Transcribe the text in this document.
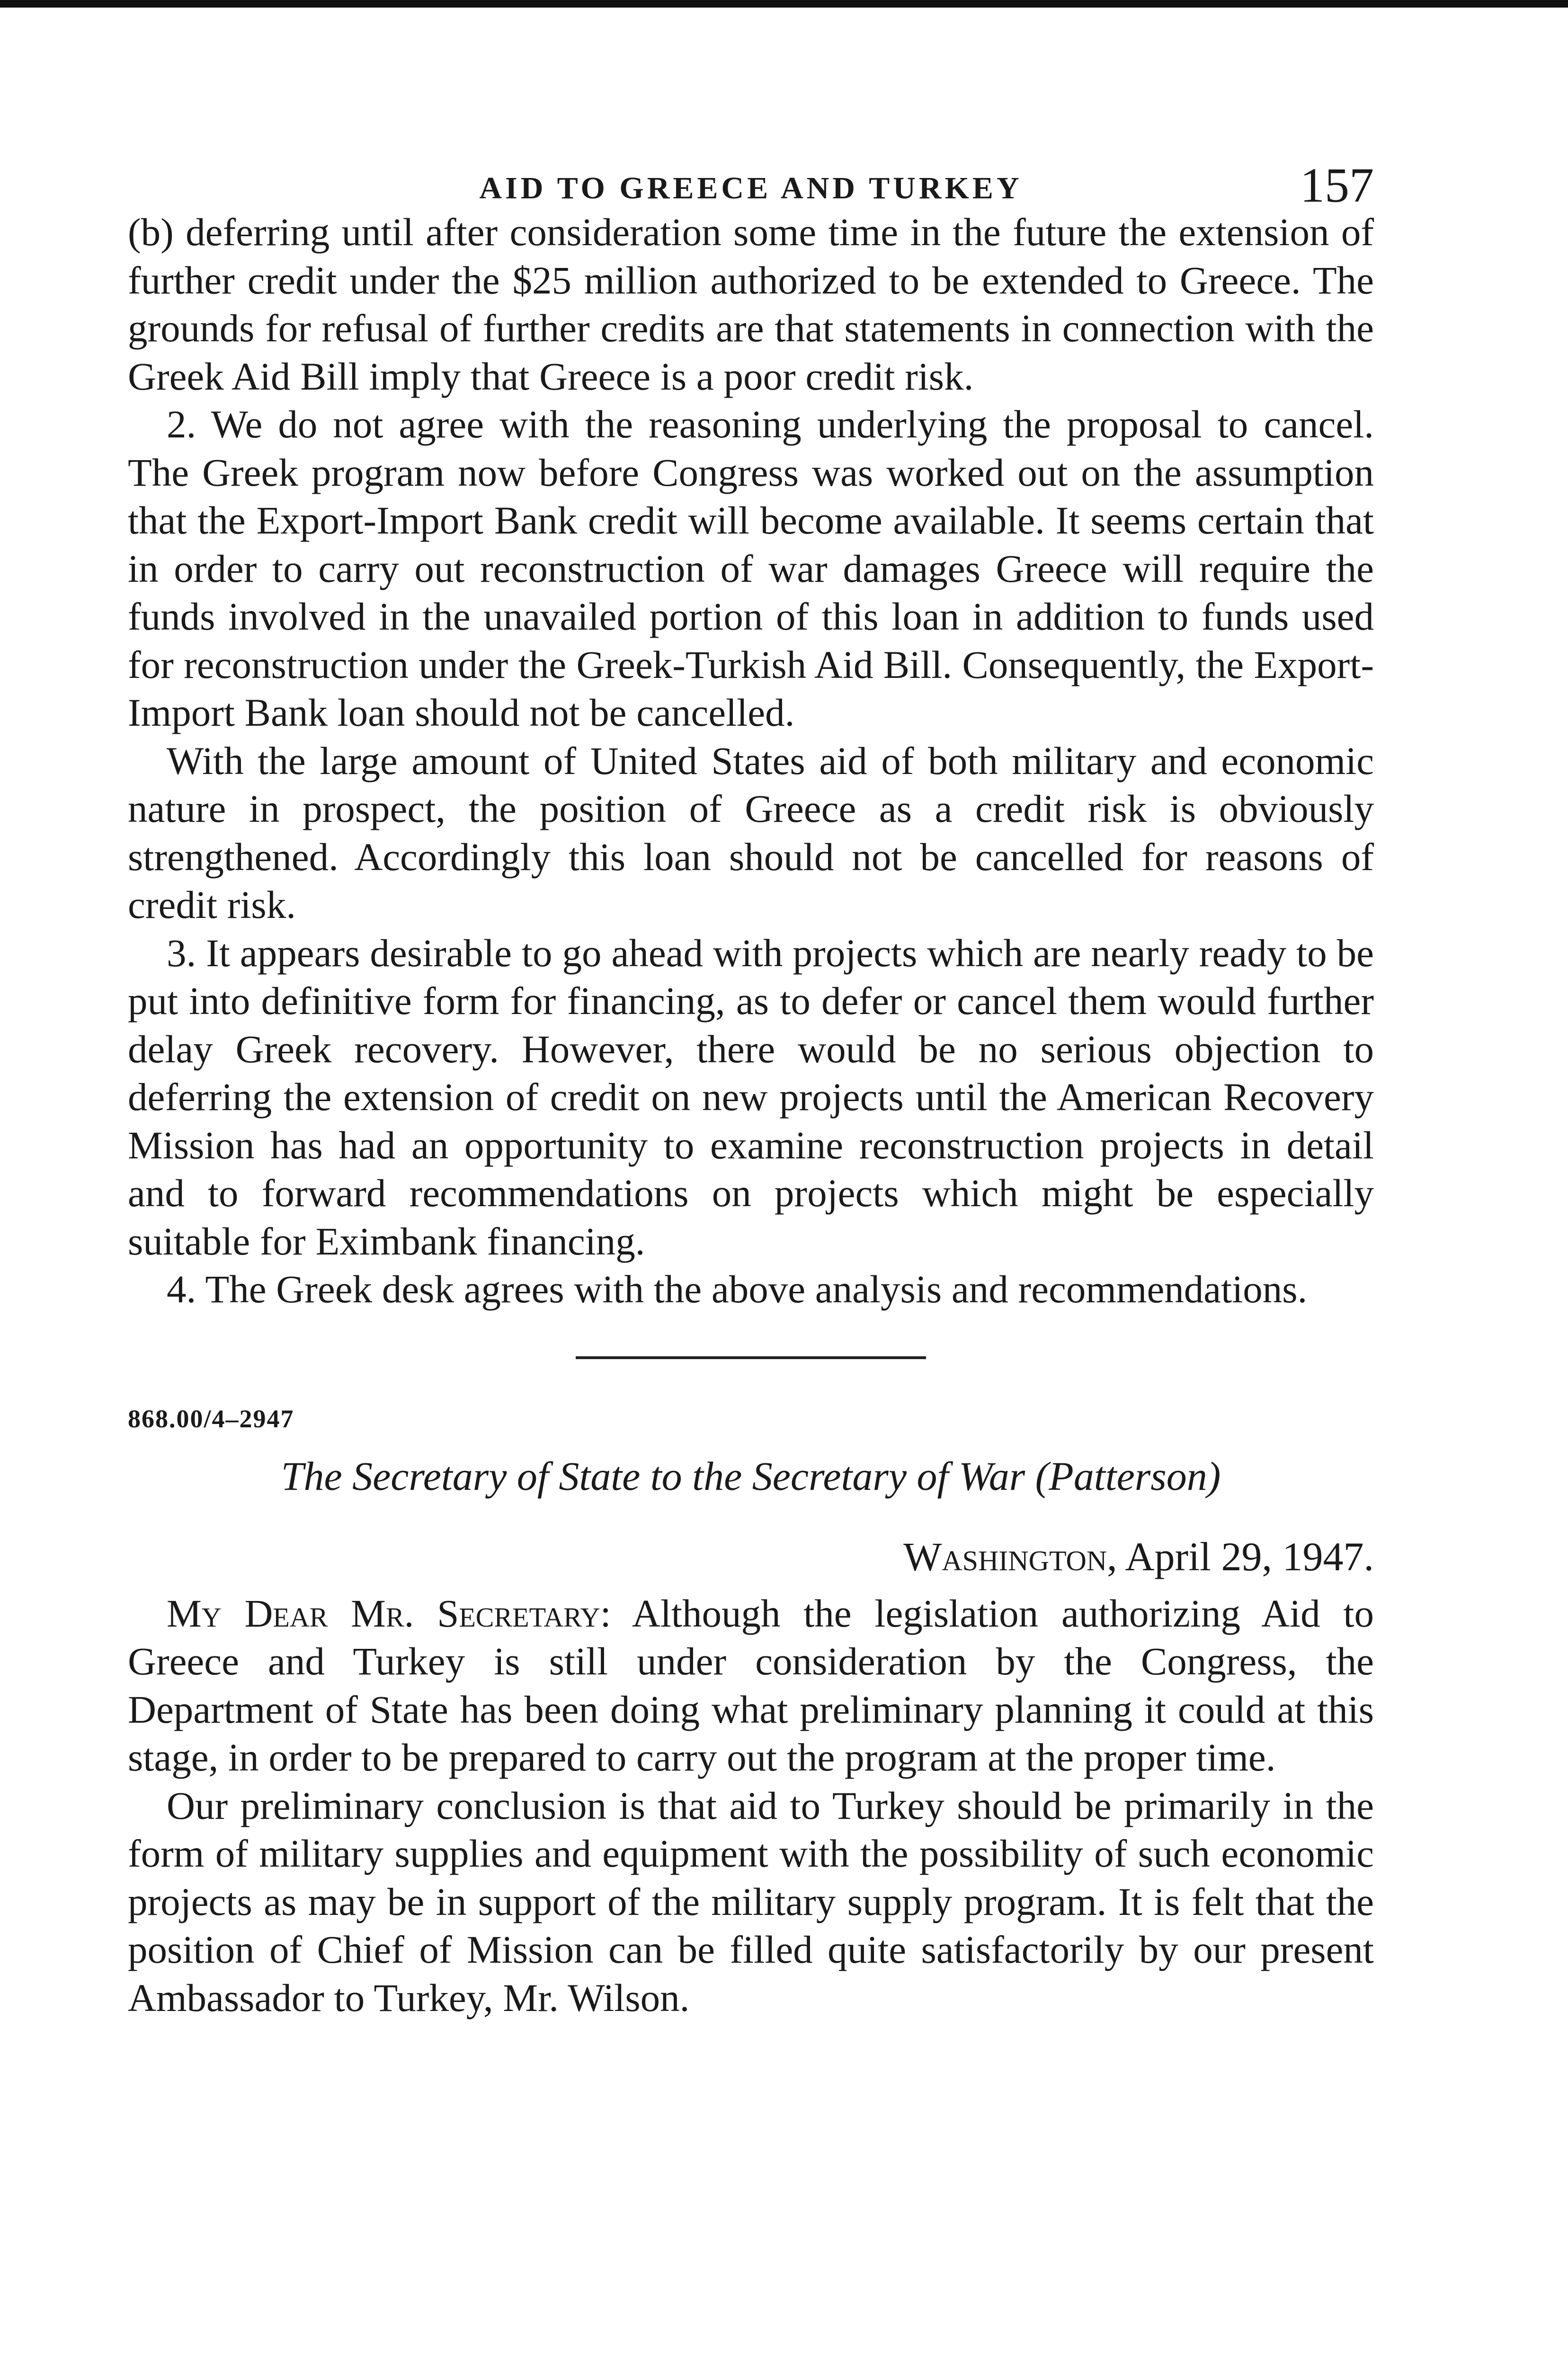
AID TO GREECE AND TURKEY	157

(b) deferring until after consideration some time in the future the extension of further credit under the $25 million authorized to be extended to Greece. The grounds for refusal of further credits are that statements in connection with the Greek Aid Bill imply that Greece is a poor credit risk.

2. We do not agree with the reasoning underlying the proposal to cancel. The Greek program now before Congress was worked out on the assumption that the Export-Import Bank credit will become available. It seems certain that in order to carry out reconstruction of war damages Greece will require the funds involved in the unavailed portion of this loan in addition to funds used for reconstruction under the Greek-Turkish Aid Bill. Consequently, the Export-Import Bank loan should not be cancelled.

With the large amount of United States aid of both military and economic nature in prospect, the position of Greece as a credit risk is obviously strengthened. Accordingly this loan should not be cancelled for reasons of credit risk.

3. It appears desirable to go ahead with projects which are nearly ready to be put into definitive form for financing, as to defer or cancel them would further delay Greek recovery. However, there would be no serious objection to deferring the extension of credit on new projects until the American Recovery Mission has had an opportunity to examine reconstruction projects in detail and to forward recommendations on projects which might be especially suitable for Eximbank financing.

4. The Greek desk agrees with the above analysis and recommendations.

868.00/4–2947
The Secretary of State to the Secretary of War (Patterson)
Washington, April 29, 1947.

My Dear Mr. Secretary: Although the legislation authorizing Aid to Greece and Turkey is still under consideration by the Congress, the Department of State has been doing what preliminary planning it could at this stage, in order to be prepared to carry out the program at the proper time.

Our preliminary conclusion is that aid to Turkey should be primarily in the form of military supplies and equipment with the possibility of such economic projects as may be in support of the military supply program. It is felt that the position of Chief of Mission can be filled quite satisfactorily by our present Ambassador to Turkey, Mr. Wilson.
